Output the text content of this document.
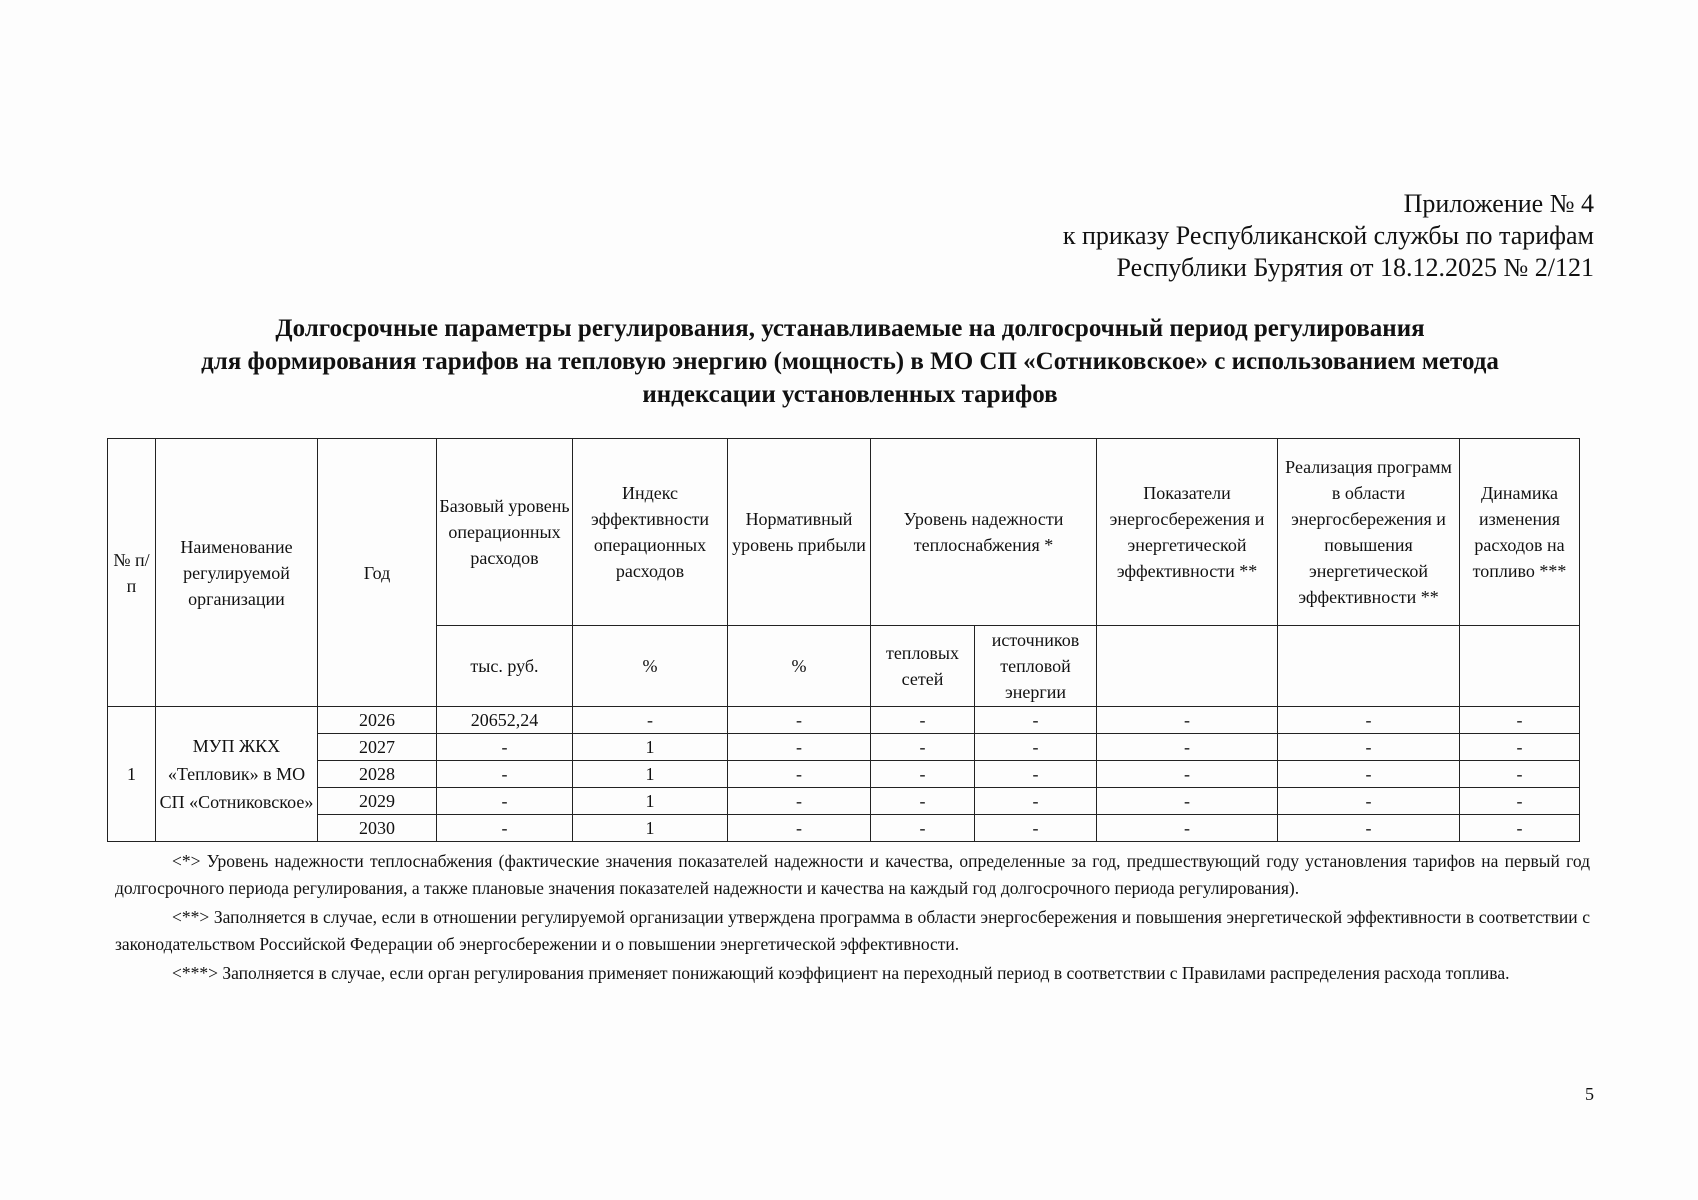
Приложение № 4
к приказу Республиканской службы по тарифам
Республики Бурятия от 18.12.2025 № 2/121
Долгосрочные параметры регулирования, устанавливаемые на долгосрочный период регулирования
для формирования тарифов на тепловую энергию (мощность) в МО СП «Сотниковское» с использованием метода
индексации установленных тарифов
№ п/п	Наименование регулируемой организации	Год	Базовый уровень операционных расходов	Индекс эффективности операционных расходов	Нормативный уровень прибыли	Уровень надежности теплоснабжения *		Показатели энергосбережения и энергетической эффективности **	Реализация программ в области энергосбережения и повышения энергетической эффективности **	Динамика изменения расходов на топливо ***
			тыс. руб.	%	%	тепловых сетей	источников тепловой энергии			
1	МУП ЖКХ «Тепловик» в МО СП «Сотниковское»	2026	20652,24	-	-	-	-	-	-	-
		2027	-	1	-	-	-	-	-	-
		2028	-	1	-	-	-	-	-	-
		2029	-	1	-	-	-	-	-	-
		2030	-	1	-	-	-	-	-	-

<*> Уровень надежности теплоснабжения (фактические значения показателей надежности и качества, определенные за год, предшествующий году установления тарифов на первый год долгосрочного периода регулирования, а также плановые значения показателей надежности и качества на каждый год долгосрочного периода регулирования).

<**> Заполняется в случае, если в отношении регулируемой организации утверждена программа в области энергосбережения и повышения энергетической эффективности в соответствии с законодательством Российской Федерации об энергосбережении и о повышении энергетической эффективности.

<***> Заполняется в случае, если орган регулирования применяет понижающий коэффициент на переходный период в соответствии с Правилами распределения расхода топлива.

5
